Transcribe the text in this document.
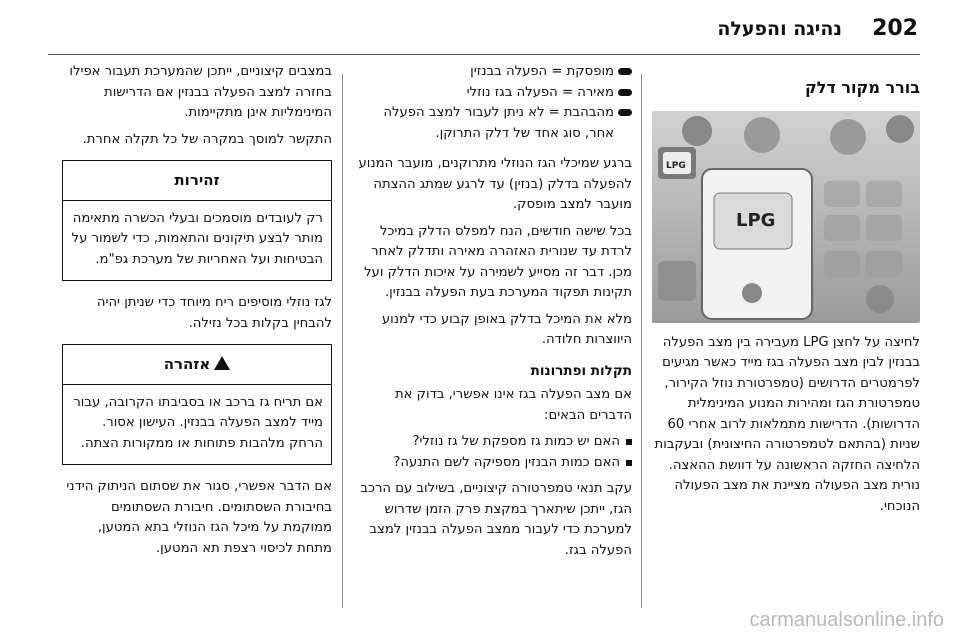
202
נהיגה והפעלה
בורר מקור דלק
LPG
LPG

לחיצה על לחצן LPG מעבירה בין מצב הפעלה בבנזין לבין מצב הפעלה בגז מייד כאשר מגיעים לפרמטרים הדרושים (טמפרטורת נוזל הקירור, טמפרטורת הגז ומהירות המנוע המינימלית הדרושות). הדרישות מתמלאות לרוב אחרי 60 שניות (בהתאם לטמפרטורה החיצונית) ובעקבות הלחיצה החזקה הראשונה על דוושת ההאצה. נורית מצב הפעולה מציינת את מצב הפעולה הנוכחי.

מופסקת = הפעלה בבנזין
מאירה = הפעלה בגז נוזלי
מהבהבת = לא ניתן לעבור למצב הפעלה אחר, סוג אחד של דלק התרוקן.

ברגע שמיכלי הגז הנוזלי מתרוקנים, מועבר המנוע להפעלה בדלק (בנזין) עד לרגע שמתג ההצתה מועבר למצב מופסק.

בכל שישה חודשים, הנח למפלס הדלק במיכל לרדת עד שנורית האזהרה מאירה ותדלק לאחר מכן. דבר זה מסייע לשמירה על איכות הדלק ועל תקינות תפקוד המערכת בעת הפעלה בבנזין.

מלא את המיכל בדלק באופן קבוע כדי למנוע היווצרות חלודה.

תקלות ופתרונות

אם מצב הפעלה בגז אינו אפשרי, בדוק את הדברים הבאים:

האם יש כמות גז מספקת של גז נוזלי?
האם כמות הבנזין מספיקה לשם התנעה?

עקב תנאי טמפרטורה קיצוניים, בשילוב עם הרכב הגז, ייתכן שיתארך במקצת פרק הזמן שדרוש למערכת כדי לעבור ממצב הפעלה בבנזין למצב הפעלה בגז.

במצבים קיצוניים, ייתכן שהמערכת תעבור אפילו בחזרה למצב הפעלה בבנזין אם הדרישות המינימליות אינן מתקיימות.

התקשר למוסך במקרה של כל תקלה אחרת.

זהירות
רק לעובדים מוסמכים ובעלי הכשרה מתאימה מותר לבצע תיקונים והתאמות, כדי לשמור על הבטיחות ועל האחריות של מערכת גפ"מ.

לגז נוזלי מוסיפים ריח מיוחד כדי שניתן יהיה להבחין בקלות בכל נזילה.

אזהרה
אם תריח גז ברכב או בסביבתו הקרובה, עבור מייד למצב הפעלה בבנזין. העישון אסור. הרחק מלהבות פתוחות או ממקורות הצתה.

אם הדבר אפשרי, סגור את שסתום הניתוק הידני בחיבורת השסתומים. חיבורת השסתומים ממוקמת על מיכל הגז הנוזלי בתא המטען, מתחת לכיסוי רצפת תא המטען.

carmanualsonline.info
